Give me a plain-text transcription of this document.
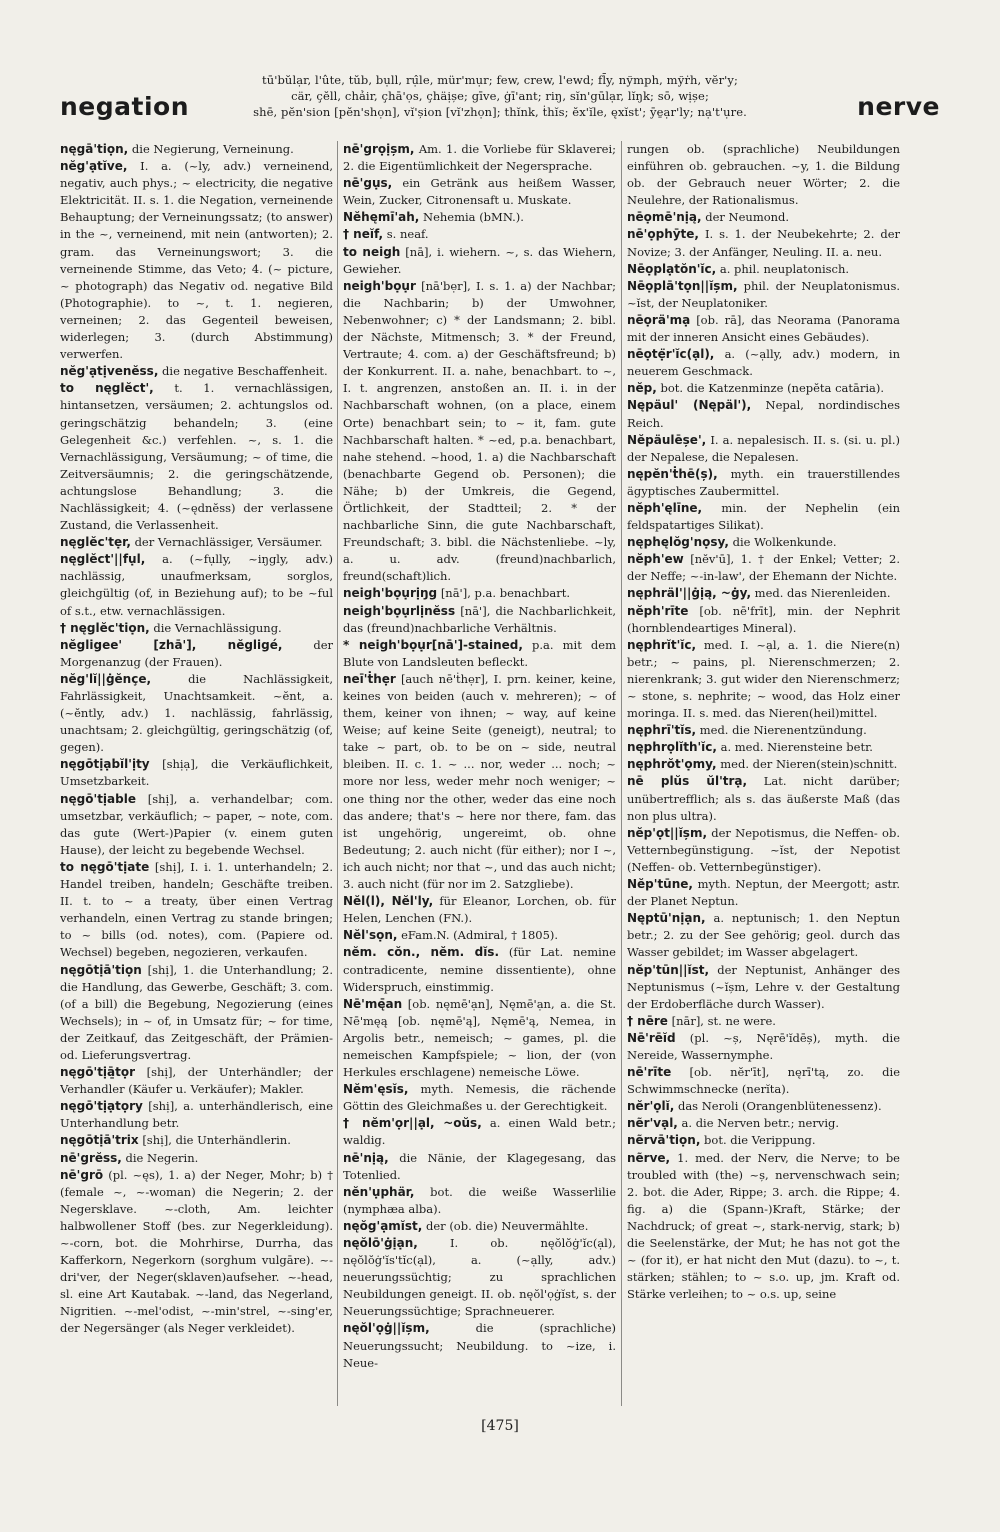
tū'bŭlạr, l'ûte, tŭb, bụll, rụ̂le, mür'mụr; few, crew, l'ewd; fl̄y, nўmph, mўṙh, vĕr'y;
cär, çĕll, chảir, çhā'ọs, çhäịșe; gīve, ġī'ant; riŋ, sĭn'gūlạr, lĭŋk; sō, wịșe;
shē, pĕn'sion [pĕn'shọn], vĭ'șion [vĭ'zhọn]; thĭnk, ṫhĭs; ĕx'ĭle, ęxĭst'; ȳe̱ạr'ly; nạ't'ụre.
negation	nerve
nęgā'tiọn, die Negierung, Verneinung.
nĕg'ạtĭve, I. a. (~ly, adv.) verneinend, negativ, auch phys.; ~ electricity, die negative Elektricität. II. s. 1. die Negation, verneinende Behauptung; der Verneinungssatz; (to answer) in the ~, verneinend, mit nein (antworten); 2. gram. das Verneinungswort; 3. die verneinende Stimme, das Veto; 4. (~ picture, ~ photograph) das Negativ od. negative Bild (Photographie). to ~, t. 1. negieren, verneinen; 2. das Gegenteil beweisen, widerlegen; 3. (durch Abstimmung) verwerfen.
nĕg'ạtịvenĕss, die negative Beschaffenheit.
to nęglĕct', t. 1. vernachlässigen, hintansetzen, versäumen; 2. achtungslos od. geringschätzig behandeln; 3. (eine Gelegenheit &c.) verfehlen. ~, s. 1. die Vernachlässigung, Versäumung; ~ of time, die Zeitversäumnis; 2. die geringschätzende, achtungslose Behandlung; 3. die Nachlässigkeit; 4. (~ędnĕss) der verlassene Zustand, die Verlassenheit.
nęglĕc'tẹr, der Vernachlässiger, Versäumer.
nęglĕct'||fụl, a. (~fụlly, ~iŋgly, adv.) nachlässig, unaufmerksam, sorglos, gleichgültig (of, in Beziehung auf); to be ~ful of s.t., etw. vernachlässigen.
† nęglĕc'tiọn, die Vernachlässigung.
nĕgligee' [zhā'], nĕgligé,	der Morgenanzug (der Frauen).
nĕg'lĭ||ġĕnçe,	die Nachlässigkeit, Fahrlässigkeit, Unachtsamkeit. ~ĕnt, a. (~ĕntly, adv.) 1. nachlässig, fahrlässig, unachtsam; 2. gleichgültig, geringschätzig (of, gegen).
nęgōtịạbĭl'ịty [shịạ], die Verkäuflichkeit, Umsetzbarkeit.
nęgō'tịable [shị], a. verhandelbar; com. umsetzbar, verkäuflich; ~ paper, ~ note, com. das gute (Wert-)Papier (v. einem guten Hause), der leicht zu begebende Wechsel.
to nęgō'tịate [shị], I. i. 1. unterhandeln; 2. Handel treiben, handeln; Geschäfte treiben. II. t. to ~ a treaty, über einen Vertrag verhandeln, einen Vertrag zu stande bringen; to ~ bills (od. notes), com. (Papiere od. Wechsel) begeben, negozieren, verkaufen.
nęgōtịā'tiọn [shị], 1. die Unterhandlung; 2. die Handlung, das Gewerbe, Geschäft; 3. com. (of a bill) die Begebung, Negozierung (eines Wechsels); in ~ of, in Umsatz für; ~ for time, der Zeitkauf, das Zeitgeschäft, der Prämien- od. Lieferungsvertrag.
nęgō'tịā̱tọr [shị], der Unterhändler; der Verhandler (Käufer u. Verkäufer); Makler.
nęgō'tịạtọry [shị], a. unterhändlerisch, eine Unterhandlung betr.
nęgōtịā'trix [shị], die Unterhändlerin.
nē'grĕss, die Negerin.
nē'grō (pl. ~ęs), 1. a) der Neger, Mohr; b) † (female ~, ~-woman) die Negerin; 2. der Negersklave. ~-cloth, Am. leichter halbwollener Stoff (bes. zur Negerkleidung). ~-corn, bot. die Mohrhirse, Durrha, das Kafferkorn, Negerkorn (sorghum vulgāre). ~-dri'ver, der Neger(sklaven)aufseher. ~-head, sl. eine Art Kautabak. ~-land, das Negerland, Nigritien. ~-mel'odist, ~-min'strel, ~-sing'er, der Negersänger (als Neger verkleidet).
nē'grọịșm, Am. 1. die Vorliebe für Sklaverei; 2. die Eigentümlichkeit der Negersprache.
nē'gụs, ein Getränk aus heißem Wasser, Wein, Zucker, Citronensaft u. Muskate.
Nĕhęmī'ah, Nehemia (bMN.).
† neĭf, s. neaf.
to neigh [nā], i. wiehern. ~, s. das Wiehern, Gewieher.
neigh'bọụr [nā'bẹr], I. s. 1. a) der Nachbar; die Nachbarin; b) der Umwohner, Nebenwohner; c) * der Landsmann; 2. bibl. der Nächste, Mitmensch; 3. * der Freund, Vertraute; 4. com. a) der Geschäftsfreund; b) der Konkurrent. II. a. nahe, benachbart. to ~, I. t. angrenzen, anstoßen an. II. i. in der Nachbarschaft wohnen, (on a place, einem Orte) benachbart sein; to ~ it, fam. gute Nachbarschaft halten. * ~ed, p.a. benachbart, nahe stehend. ~hood, 1. a) die Nachbarschaft (benachbarte Gegend ob. Personen); die Nähe; b) der Umkreis, die Gegend, Örtlichkeit, der Stadtteil; 2. * der nachbarliche Sinn, die gute Nachbarschaft, Freundschaft; 3. bibl. die Nächstenliebe. ~ly, a. u. adv. (freund)nachbarlich, freund(schaft)lich.
neigh'bọụrịŋg [nā'], p.a. benachbart.
neigh'bọụrlịnĕss [nā'], die Nachbarlichkeit, das (freund)nachbarliche Verhältnis.
* neigh'bọụr[nā']-stained, p.a. mit dem Blute von Landsleuten befleckt.
neī'ṫhẹr [auch nē'ṫhẹr], I. prn. keiner, keine, keines von beiden (auch v. mehreren); ~ of them, keiner von ihnen; ~ way, auf keine Weise; auf keine Seite (geneigt), neutral; to take ~ part, ob. to be on ~ side, neutral bleiben. II. c. 1. ~ ... nor, weder ... noch; ~ more nor less, weder mehr noch weniger; ~ one thing nor the other, weder das eine noch das andere; that's ~ here nor there, fam. das ist ungehörig, ungereimt, ob. ohne Bedeutung; 2. auch nicht (für either); nor I ~, ich auch nicht; nor that ~, und das auch nicht; 3. auch nicht (für nor im 2. Satzgliebe).
Nĕl(l), Nĕl'ly, für Eleanor, Lorchen, ob. für Helen, Lenchen (FN.).
Nĕl'sọn, eFam.N. (Admiral, † 1805).
nĕm. cŏn., nĕm. dĭs. (für Lat. nemine contradicente, nemine dissentiente), ohne Widerspruch, einstimmig.
Nē'mę̄an [ob. nęmē'ạn], Nęmē'ạn, a. die St. Nē'męą [ob. nęmē'ą], Nęmē'ą, Nemea, in Argolis betr., nemeisch; ~ games, pl. die nemeischen Kampfspiele; ~ lion, der (von Herkules erschlagene) nemeische Löwe.
Nĕm'ęsĭs, myth. Nemesis, die rächende Göttin des Gleichmaßes u. der Gerechtigkeit.
† nĕm'ọr||ạl, ~oŭs, a. einen Wald betr.; waldig.
nē'nịą, die Nänie, der Klagegesang, das Totenlied.
nĕn'ụphär, bot. die weiße Wasserlilie (nymphæa alba).
nęŏg'ạmĭst, der (ob. die) Neuvermählte.
nęŏlō'ġịạn,	I. ob. nęŏlŏġ'ĭc(ạl), nęŏlŏġ'ĭs'tĭc(ạl), a. (~ạlly, adv.) neuerungssüchtig; zu sprachlichen Neubildungen geneigt. II. ob. nęŏl'ọġĭst, s. der Neuerungssüchtige; Sprachneuerer.
nęŏl'ọġ||ĭșm,	die (sprachliche) Neuerungssucht; Neubildung. to ~ize, i. Neue-
rungen ob. (sprachliche) Neubildungen einführen ob. gebrauchen. ~y, 1. die Bildung ob. der Gebrauch neuer Wörter; 2. die Neulehre, der Rationalismus.
nēọmē'nịą, der Neumond.
nē'ọphȳte, I. s. 1. der Neubekehrte; 2. der Novize; 3. der Anfänger, Neuling. II. a. neu.
Nēọplạtŏn'ĭc, a. phil. neuplatonisch.
Nēọplā'tọn||ĭșm, phil. der Neuplatonismus. ~ĭst, der Neuplatoniker.
nēọrä'mạ [ob. rā], das Neorama (Panorama mit der inneren Ansicht eines Gebäudes).
nēọtẹ̈r'ĭc(ạl), a. (~ạlly, adv.) modern, in neuerem Geschmack.
nĕp, bot. die Katzenminze (nepĕta catāria).
Nępäul' (Nępäl'), Nepal, nordindisches Reich.
Nĕpäulēșe', I. a. nepalesisch. II. s. (si. u. pl.) der Nepalese, die Nepalesen.
nępĕn'ṫhē(ș), myth. ein trauerstillendes ägyptisches Zaubermittel.
nĕph'ęlīne, min. der Nephelin (ein feldspatartiges Silikat).
nęphęlŏg'nọsy, die Wolkenkunde.
nĕph'ew [nĕv'ū], 1. † der Enkel; Vetter; 2. der Neffe; ~-in-law', der Ehemann der Nichte.
nęphräl'||ġịą, ~ġy, med. das Nierenleiden.
nĕph'rīte [ob. nē'frīt], min. der Nephrit (hornblendeartiges Mineral).
nęphrĭt'ĭc, med. I. ~ạl, a. 1. die Niere(n) betr.; ~ pains, pl. Nierenschmerzen; 2. nierenkrank; 3. gut wider den Nierenschmerz; ~ stone, s. nephrite; ~ wood, das Holz einer moringa. II. s. med. das Nieren(heil)mittel.
nęphrī'tĭs, med. die Nierenentzündung.
nęphrọlĭth'ĭc, a. med. Nierensteine betr.
nęphrŏt'ọmy, med. der Nieren(stein)schnitt.
nē plŭs ŭl'trạ, Lat. nicht darüber; unübertrefflich; als s. das äußerste Maß (das non plus ultra).
nĕp'ọt||ĭșm, der Nepotismus, die Neffen- ob. Vetternbegünstigung. ~ĭst, der Nepotist (Neffen- ob. Vetternbegünstiger).
Nĕp'tūne, myth. Neptun, der Meergott; astr. der Planet Neptun.
Nęptū'nịạn, a. neptunisch; 1. den Neptun betr.; 2. zu der See gehörig; geol. durch das Wasser gebildet; im Wasser abgelagert.
nĕp'tūn||ĭst, der Neptunist, Anhänger des Neptunismus (~ĭșm, Lehre v. der Gestaltung der Erdoberfläche durch Wasser).
† nēre [nār], st. ne were.
Nē'rēĭd (pl. ~ș, Nęrē'ĭdēș), myth. die Nereide, Wassernymphe.
nē'rīte [ob. nĕr'īt], nęrī'tą, zo. die Schwimmschnecke (nerĭta).
nĕr'ọlĭ, das Neroli (Orangenblütenessenz).
nẽr'vạl, a. die Nerven betr.; nervig.
nẽrvā'tiọn, bot. die Verippung.
nẽrve, 1. med. der Nerv, die Nerve; to be troubled with (the) ~ș, nervenschwach sein; 2. bot. die Ader, Rippe; 3. arch. die Rippe; 4. fig. a) die (Spann-)Kraft, Stärke; der Nachdruck; of great ~, stark-nervig, stark; b) die Seelenstärke, der Mut; he has not got the ~ (for it), er hat nicht den Mut (dazu). to ~, t. stärken; stählen; to ~ s.o. up, jm. Kraft od. Stärke verleihen; to ~ o.s. up, seine
[475]
